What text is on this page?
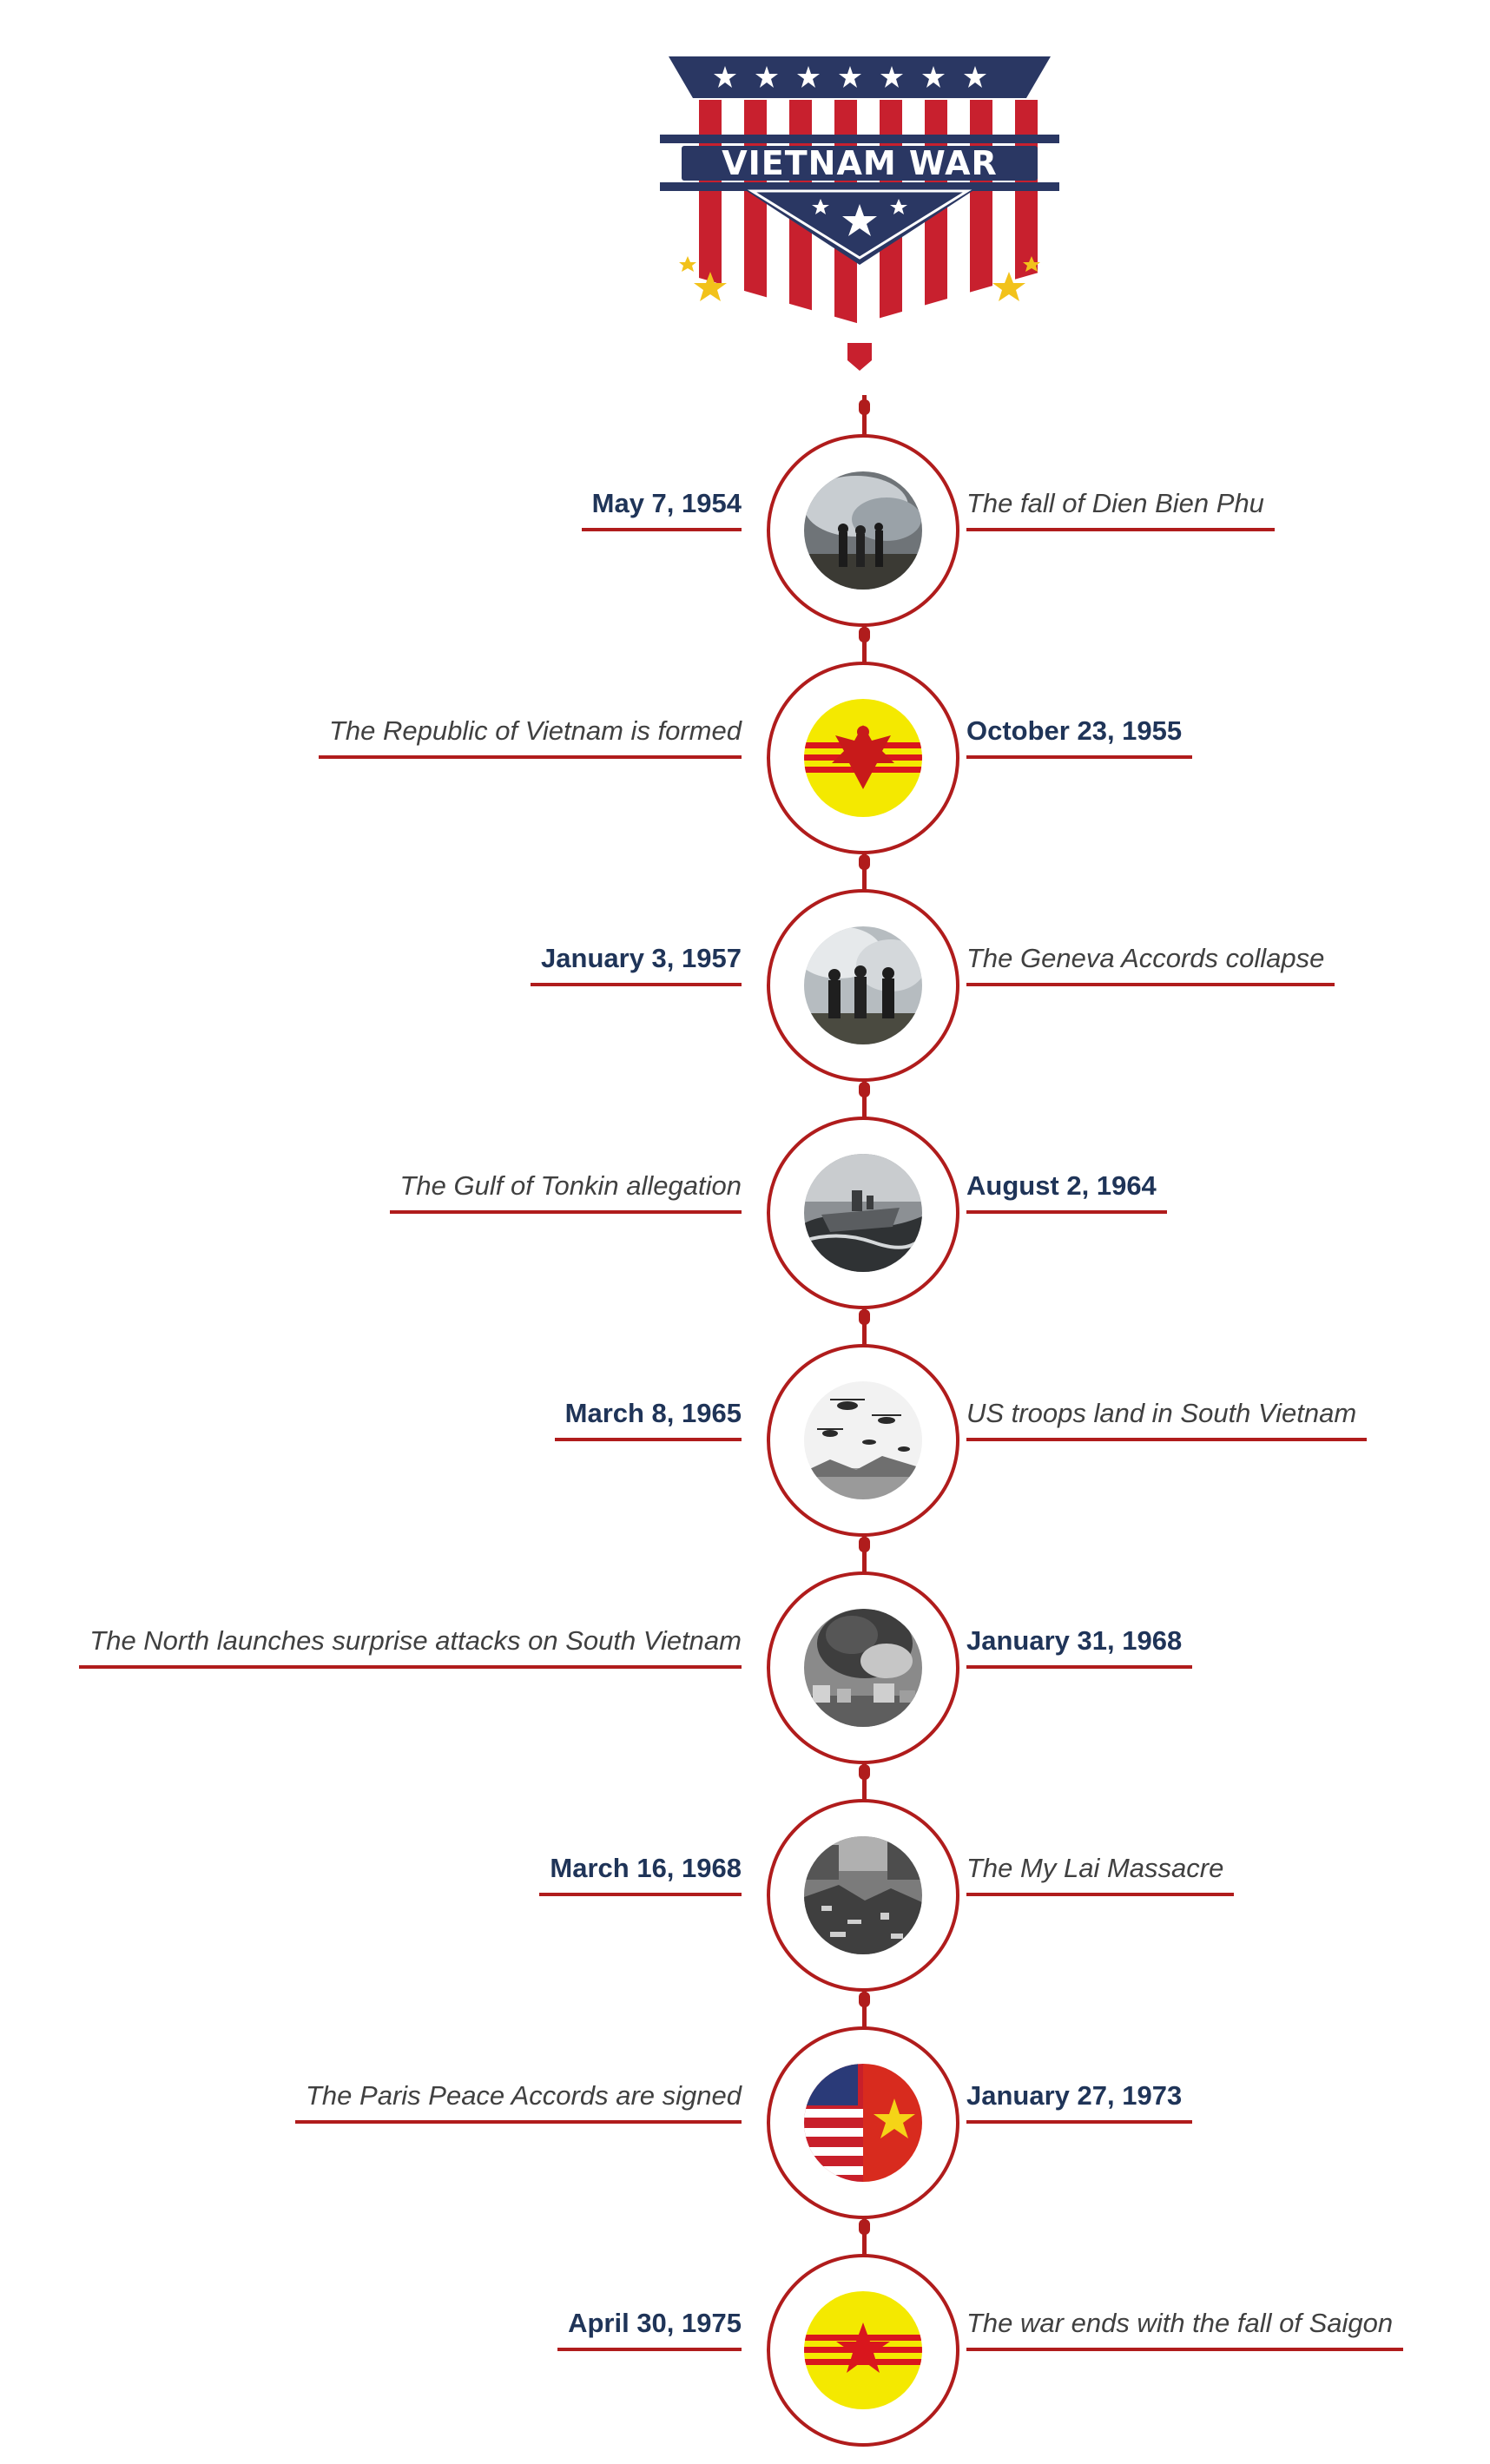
VIETNAM WAR
May 7, 1954	The fall of Dien Bien Phu
The Republic of Vietnam is formed	October 23, 1955
January 3, 1957	The Geneva Accords collapse
The Gulf of Tonkin allegation	August 2, 1964
March 8, 1965	US troops land in South Vietnam
The North launches surprise attacks on South Vietnam	January 31, 1968
March 16, 1968	The My Lai Massacre
The Paris Peace Accords are signed	January 27, 1973
April 30, 1975	The war ends with the fall of Saigon
